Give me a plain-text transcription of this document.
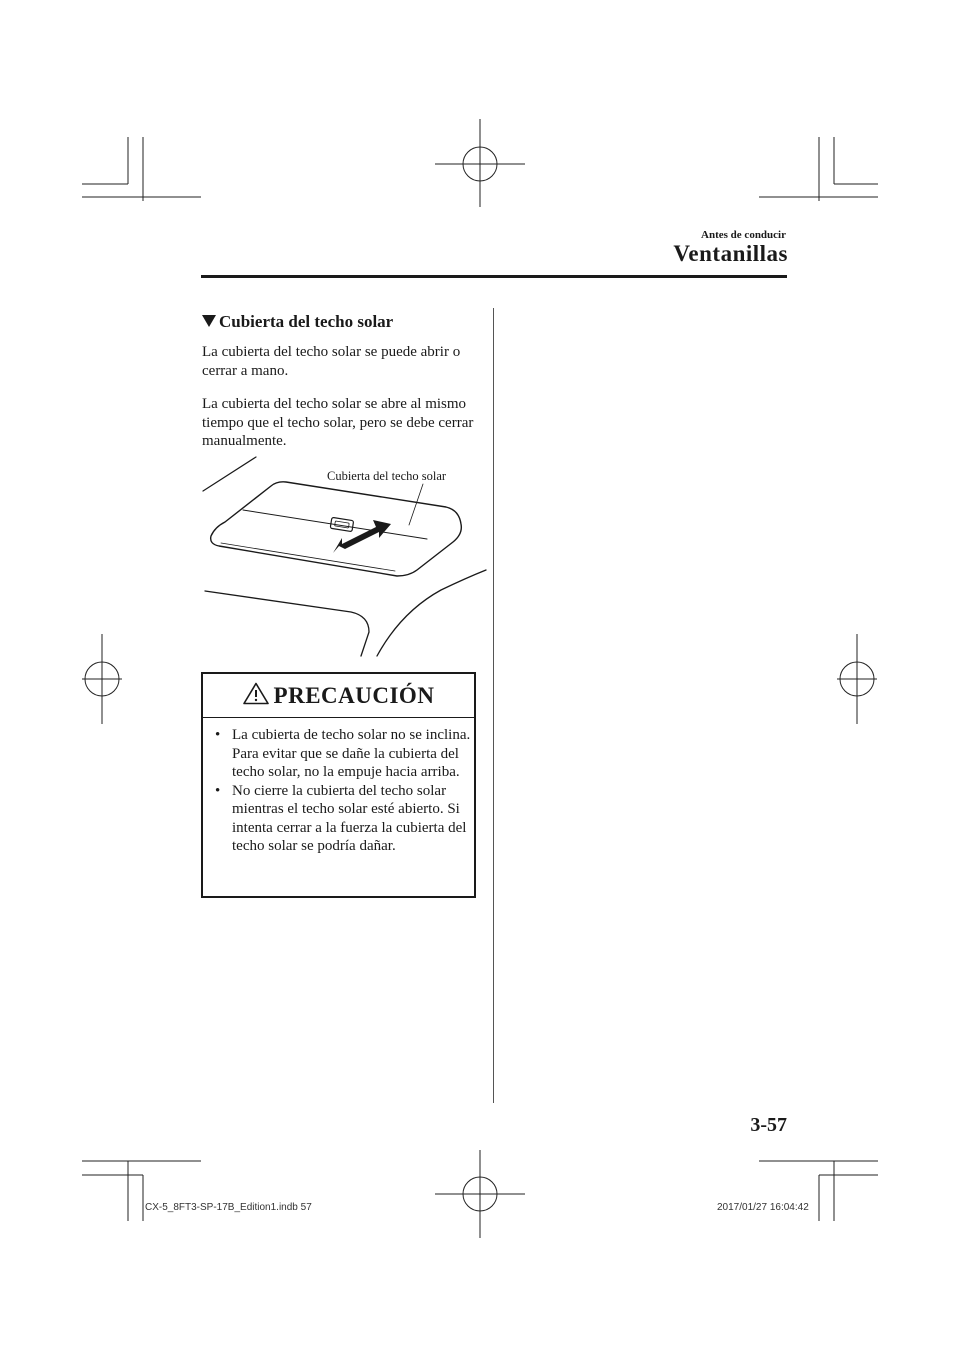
Antes de conducir
Ventanillas
Cubierta del techo solar
La cubierta del techo solar se puede abrir o cerrar a mano.
La cubierta del techo solar se abre al mismo tiempo que el techo solar, pero se debe cerrar manualmente.
Cubierta del techo solar
PRECAUCIÓN
• La cubierta de techo solar no se inclina. Para evitar que se dañe la cubierta del techo solar, no la empuje hacia arriba.
• No cierre la cubierta del techo solar mientras el techo solar esté abierto. Si intenta cerrar a la fuerza la cubierta del techo solar se podría dañar.
3-57
CX-5_8FT3-SP-17B_Edition1.indb 57	2017/01/27 16:04:42
